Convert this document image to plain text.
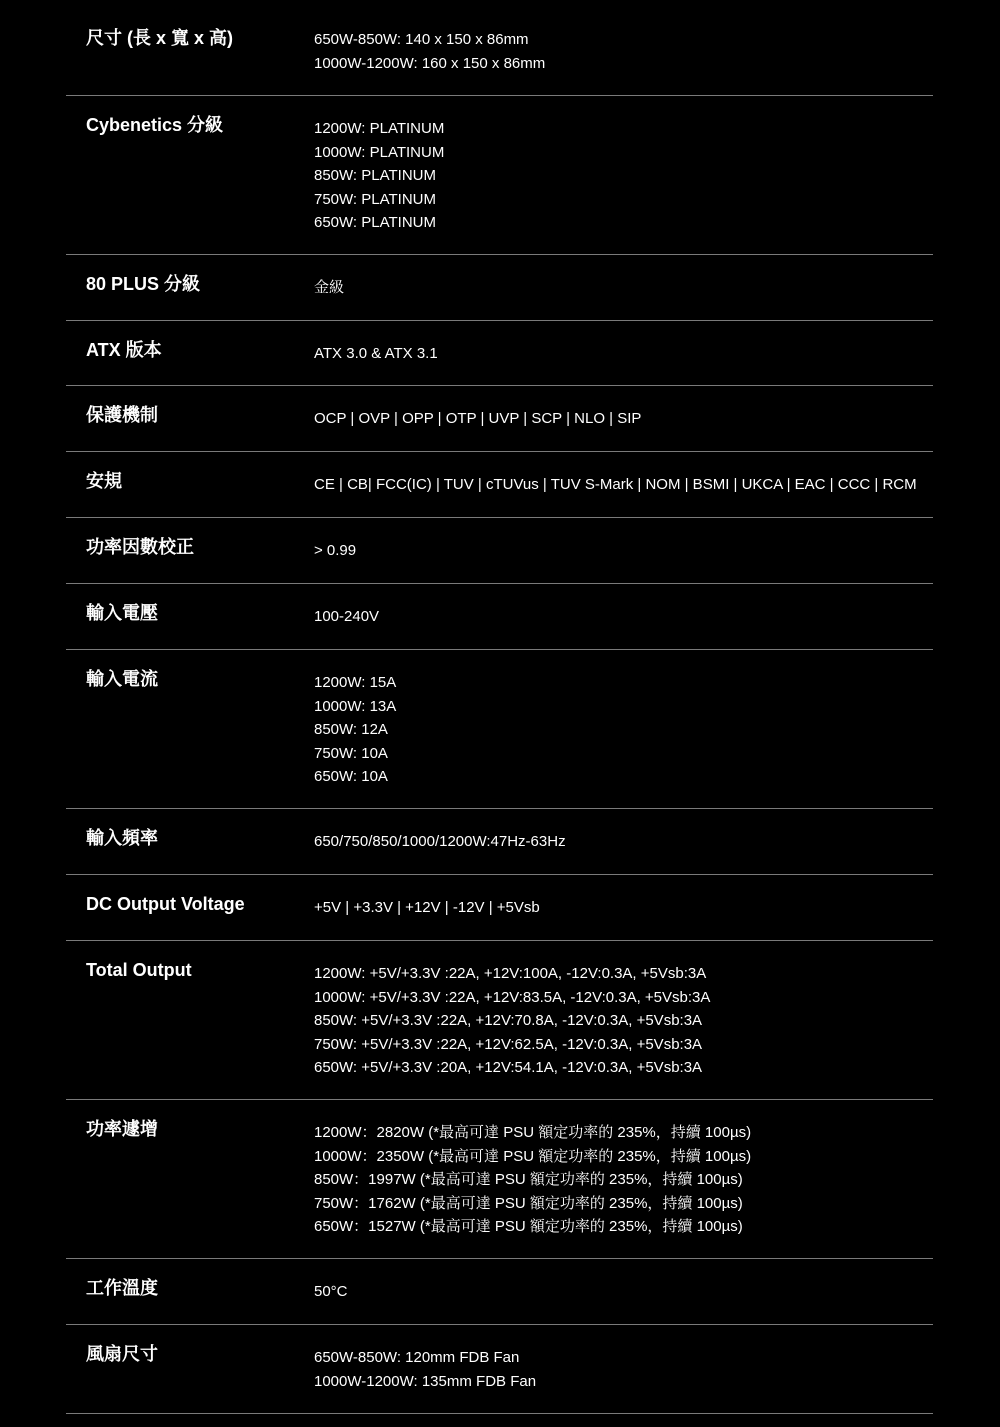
尺寸 (長 x 寬 x 高)	650W-850W: 140 x 150 x 86mm
1000W-1200W: 160 x 150 x 86mm
Cybenetics 分級	1200W: PLATINUM
1000W: PLATINUM
850W: PLATINUM
750W: PLATINUM
650W: PLATINUM
80 PLUS 分級	金級
ATX 版本	ATX 3.0 & ATX 3.1
保護機制	OCP | OVP | OPP | OTP | UVP | SCP | NLO | SIP
安規	CE | CB| FCC(IC) | TUV | cTUVus | TUV S-Mark | NOM | BSMI | UKCA | EAC | CCC | RCM
功率因數校正	> 0.99
輸入電壓	100-240V
輸入電流	1200W: 15A
1000W: 13A
850W: 12A
750W: 10A
650W: 10A
輸入頻率	650/750/850/1000/1200W:47Hz-63Hz
DC Output Voltage	+5V | +3.3V | +12V | -12V | +5Vsb
Total Output	1200W: +5V/+3.3V :22A, +12V:100A, -12V:0.3A, +5Vsb:3A
1000W: +5V/+3.3V :22A, +12V:83.5A, -12V:0.3A, +5Vsb:3A
850W: +5V/+3.3V :22A, +12V:70.8A, -12V:0.3A, +5Vsb:3A
750W: +5V/+3.3V :22A, +12V:62.5A, -12V:0.3A, +5Vsb:3A
650W: +5V/+3.3V :20A, +12V:54.1A, -12V:0.3A, +5Vsb:3A
功率遽增	1200W：2820W (*最高可達 PSU 額定功率的 235%，持續 100µs)
1000W：2350W (*最高可達 PSU 額定功率的 235%，持續 100µs)
850W：1997W (*最高可達 PSU 額定功率的 235%，持續 100µs)
750W：1762W (*最高可達 PSU 額定功率的 235%，持續 100µs)
650W：1527W (*最高可達 PSU 額定功率的 235%，持續 100µs)
工作溫度	50°C
風扇尺寸	650W-850W: 120mm FDB Fan
1000W-1200W: 135mm FDB Fan
